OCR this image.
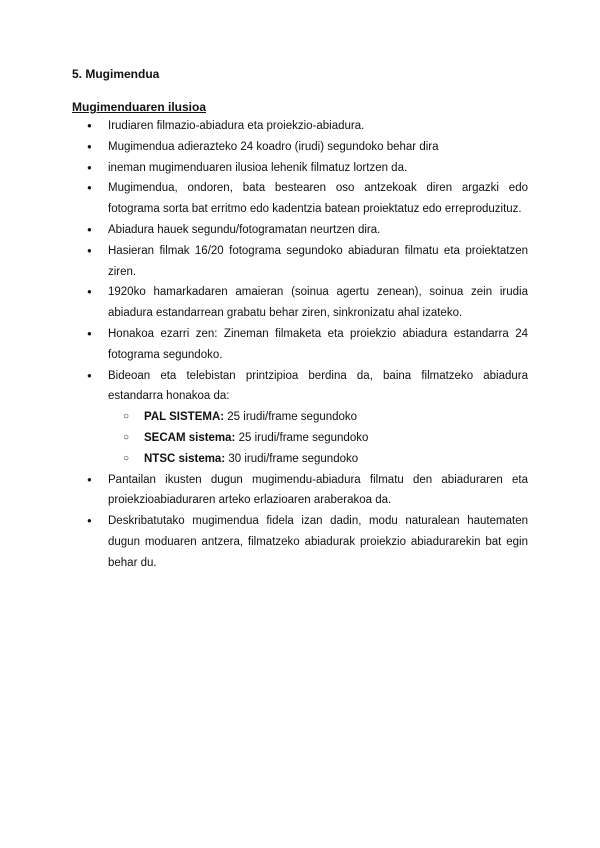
5. Mugimendua
Mugimenduaren ilusioa
● Irudiaren filmazio-abiadura eta proiekzio-abiadura.
● Mugimendua adierazteko 24 koadro (irudi) segundoko behar dira
● ineman mugimenduaren ilusioa lehenik filmatuz lortzen da.
● Mugimendua, ondoren, bata bestearen oso antzekoak diren argazki edo fotograma sorta bat erritmo edo kadentzia batean proiektatuz edo erreproduzituz.
● Abiadura hauek segundu/fotogramatan neurtzen dira.
● Hasieran filmak 16/20 fotograma segundoko abiaduran filmatu eta proiektatzen ziren.
● 1920ko hamarkadaren amaieran (soinua agertu zenean), soinua zein irudia abiadura estandarrean grabatu behar ziren, sinkronizatu ahal izateko.
● Honakoa ezarri zen: Zineman filmaketa eta proiekzio abiadura estandarra 24 fotograma segundoko.
● Bideoan eta telebistan printzipioa berdina da, baina filmatzeko abiadura estandarra honakoa da:
○ PAL SISTEMA: 25 irudi/frame segundoko
○ SECAM sistema: 25 irudi/frame segundoko
○ NTSC sistema: 30 irudi/frame segundoko
● Pantailan ikusten dugun mugimendu-abiadura filmatu den abiaduraren eta proiekzioabiaduraren arteko erlazioaren araberakoa da.
● Deskribatutako mugimendua fidela izan dadin, modu naturalean hautematen dugun moduaren antzera, filmatzeko abiadurak proiekzio abiadurarekin bat egin behar du.
